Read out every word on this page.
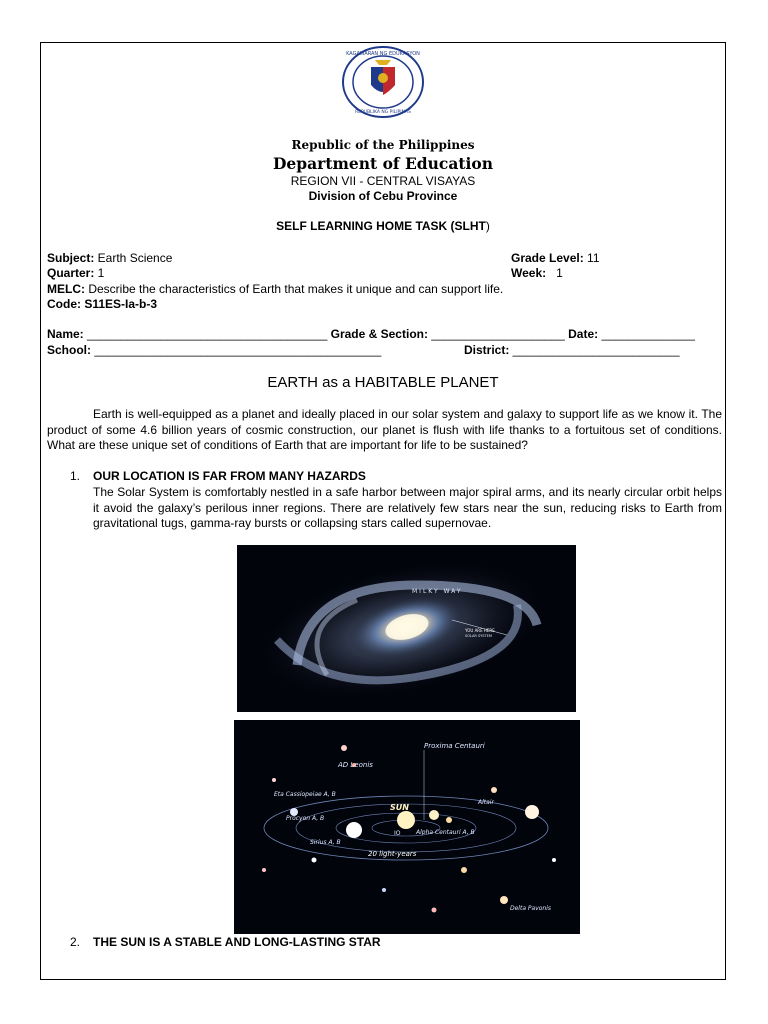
KAGAWARAN NG EDUKASYON
REPUBLIKA NG PILIPINAS
Republic of the Philippines
Department of Education
REGION VII - CENTRAL VISAYAS
Division of Cebu Province
SELF LEARNING HOME TASK (SLHT)
Subject: Earth Science	Grade Level: 11
Quarter: 1	Week:   1
MELC: Describe the characteristics of Earth that makes it unique and can support life.
Code: S11ES-Ia-b-3
Name: ____________________________________ Grade & Section: ____________________ Date: ______________
School: ___________________________________________	District: _________________________
EARTH as a HABITABLE PLANET
Earth is well-equipped as a planet and ideally placed in our solar system and galaxy to support life as we know it. The product of some 4.6 billion years of cosmic construction, our planet is flush with life thanks to a fortuitous set of conditions. What are these unique set of conditions of Earth that are important for life to be sustained?
1. OUR LOCATION IS FAR FROM MANY HAZARDS
The Solar System is comfortably nestled in a safe harbor between major spiral arms, and its nearly circular orbit helps it avoid the galaxy’s perilous inner regions. There are relatively few stars near the sun, reducing risks to Earth from gravitational tugs, gamma-ray bursts or collapsing stars called supernovae.
MILKY WAY
YOU ARE HERE
SOLAR SYSTEM
Proxima Centauri
AD Leonis
Eta Cassiopeiae A, B
Altair
SUN
Procyon A, B
Alpha Centauri A, B
IO
Sirius A, B
20 light-years
Delta Pavonis
2. THE SUN IS A STABLE AND LONG-LASTING STAR
